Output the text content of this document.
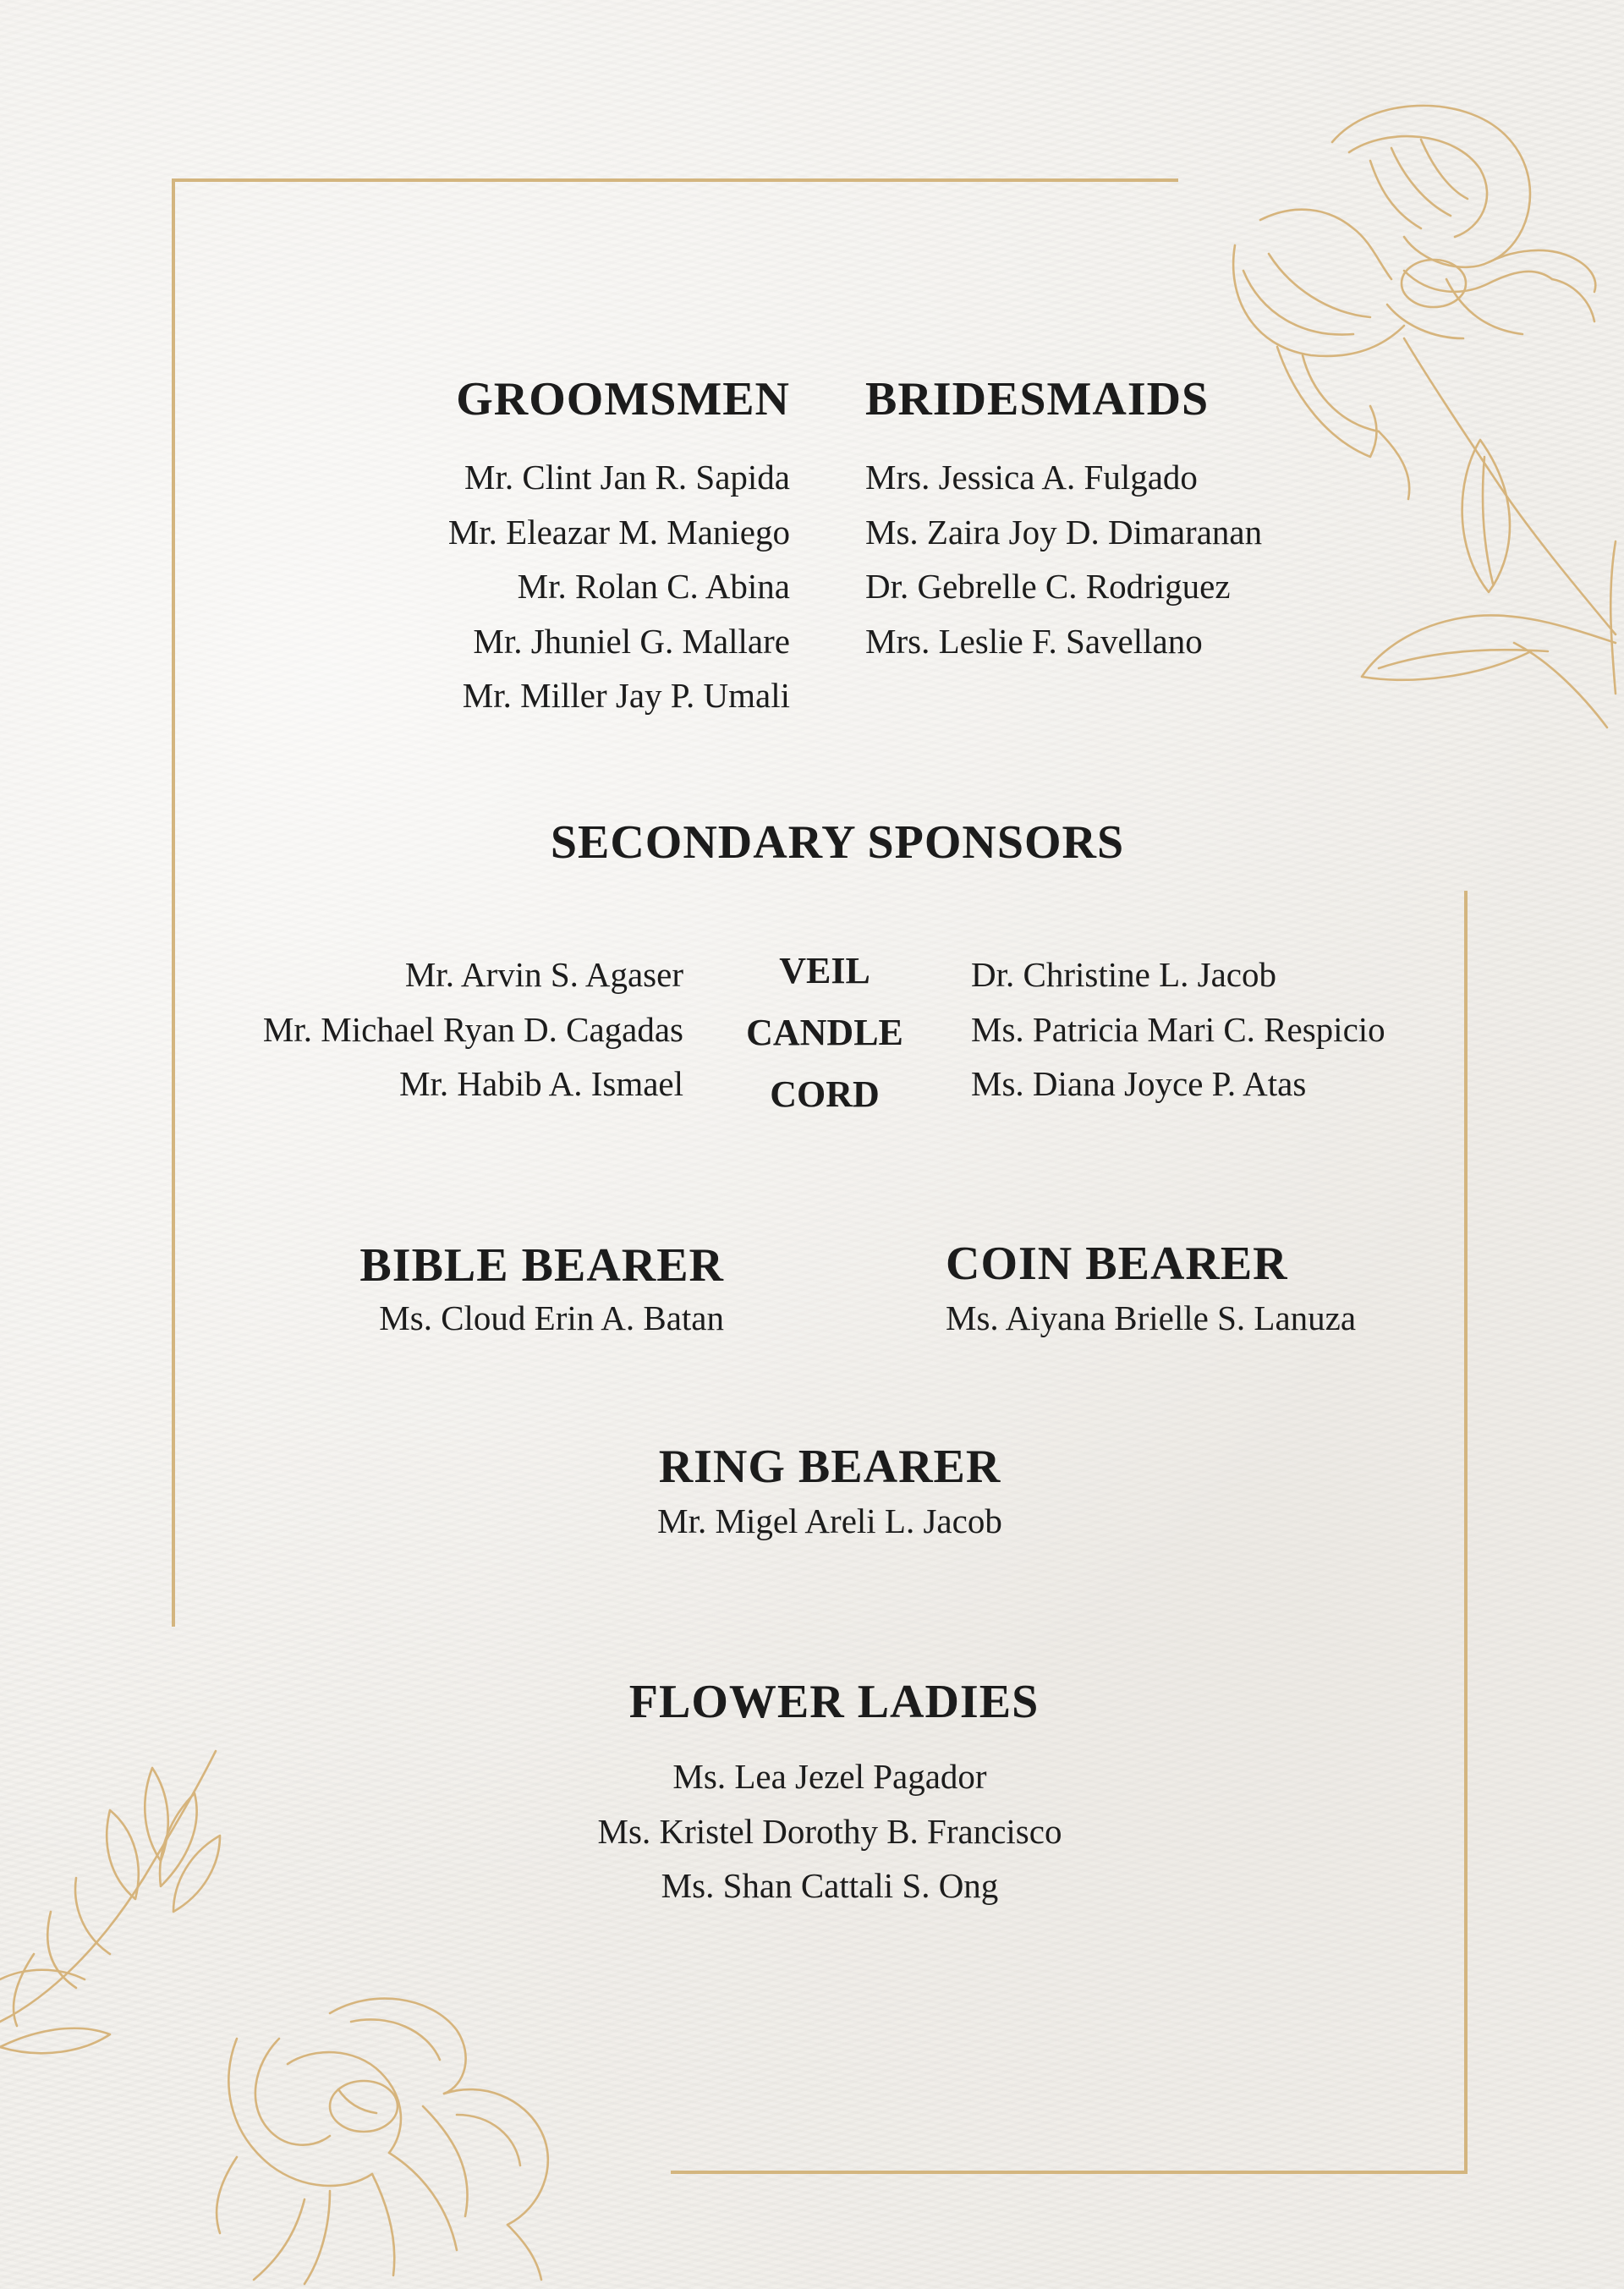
GROOMSMEN
Mr. Clint Jan R. Sapida
Mr. Eleazar M. Maniego
Mr. Rolan C. Abina
Mr. Jhuniel G. Mallare
Mr. Miller Jay P. Umali
BRIDESMAIDS
Mrs. Jessica A. Fulgado
Ms. Zaira Joy D. Dimaranan
Dr. Gebrelle C. Rodriguez
Mrs. Leslie F. Savellano
SECONDARY SPONSORS
Mr. Arvin S. Agaser
Mr. Michael Ryan D. Cagadas
Mr. Habib A. Ismael
VEIL
CANDLE
CORD
Dr. Christine L. Jacob
Ms. Patricia Mari C. Respicio
Ms. Diana Joyce P. Atas
BIBLE BEARER
Ms. Cloud Erin A. Batan
COIN BEARER
Ms. Aiyana Brielle S. Lanuza
RING BEARER
Mr. Migel Areli L. Jacob
FLOWER LADIES
Ms. Lea Jezel Pagador
Ms. Kristel Dorothy B. Francisco
Ms. Shan Cattali S. Ong
